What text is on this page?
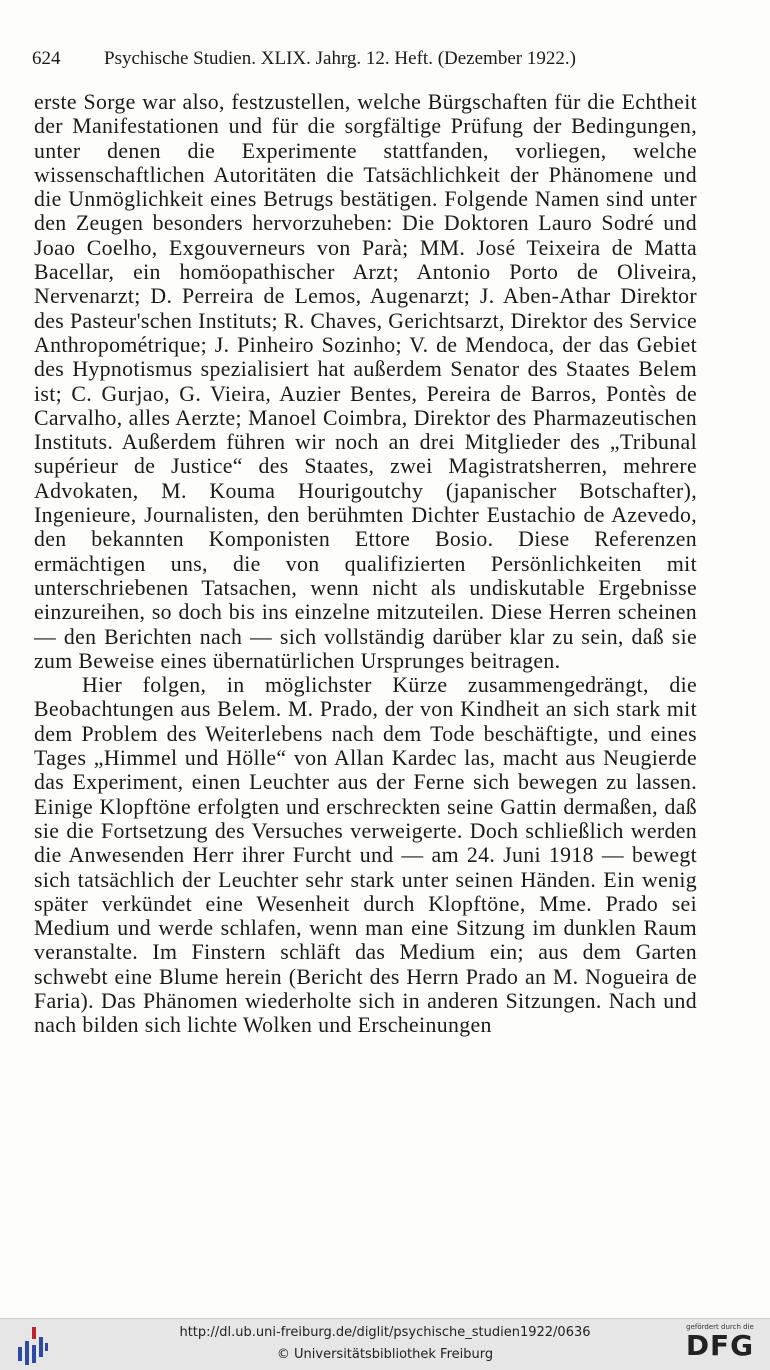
624	Psychische Studien. XLIX. Jahrg. 12. Heft. (Dezember 1922.)

erste Sorge war also, festzustellen, welche Bürgschaften für die Echtheit der Manifestationen und für die sorgfältige Prüfung der Bedingungen, unter denen die Experimente stattfanden, vorliegen, welche wissenschaftlichen Autoritäten die Tatsächlichkeit der Phänomene und die Unmöglichkeit eines Betrugs bestätigen. Folgende Namen sind unter den Zeugen besonders hervorzuheben: Die Doktoren Lauro Sodré und Joao Coelho, Exgouverneurs von Parà; MM. José Teixeira de Matta Bacellar, ein homöopathischer Arzt; Antonio Porto de Oliveira, Nervenarzt; D. Perreira de Lemos, Augenarzt; J. Aben-Athar Direktor des Pasteur'schen Instituts; R. Chaves, Gerichtsarzt, Direktor des Service Anthropométrique; J. Pinheiro Sozinho; V. de Mendoca, der das Gebiet des Hypnotismus spezialisiert hat außerdem Senator des Staates Belem ist; C. Gurjao, G. Vieira, Auzier Bentes, Pereira de Barros, Pontès de Carvalho, alles Aerzte; Manoel Coimbra, Direktor des Pharmazeutischen Instituts. Außerdem führen wir noch an drei Mitglieder des „Tribunal supérieur de Justice“ des Staates, zwei Magistratsherren, mehrere Advokaten, M. Kouma Hourigoutchy (japanischer Botschafter), Ingenieure, Journalisten, den berühmten Dichter Eustachio de Azevedo, den bekannten Komponisten Ettore Bosio. Diese Referenzen ermächtigen uns, die von qualifizierten Persönlichkeiten mit unterschriebenen Tatsachen, wenn nicht als undiskutable Ergebnisse einzureihen, so doch bis ins einzelne mitzuteilen. Diese Herren scheinen — den Berichten nach — sich vollständig darüber klar zu sein, daß sie zum Beweise eines übernatürlichen Ursprunges beitragen.

Hier folgen, in möglichster Kürze zusammengedrängt, die Beobachtungen aus Belem. M. Prado, der von Kindheit an sich stark mit dem Problem des Weiterlebens nach dem Tode beschäftigte, und eines Tages „Himmel und Hölle“ von Allan Kardec las, macht aus Neugierde das Experiment, einen Leuchter aus der Ferne sich bewegen zu lassen. Einige Klopftöne erfolgten und erschreckten seine Gattin dermaßen, daß sie die Fortsetzung des Versuches verweigerte. Doch schließlich werden die Anwesenden Herr ihrer Furcht und — am 24. Juni 1918 — bewegt sich tatsächlich der Leuchter sehr stark unter seinen Händen. Ein wenig später verkündet eine Wesenheit durch Klopftöne, Mme. Prado sei Medium und werde schlafen, wenn man eine Sitzung im dunklen Raum veranstalte. Im Finstern schläft das Medium ein; aus dem Garten schwebt eine Blume herein (Bericht des Herrn Prado an M. Nogueira de Faria). Das Phänomen wiederholte sich in anderen Sitzungen. Nach und nach bilden sich lichte Wolken und Erscheinungen

http://dl.ub.uni-freiburg.de/diglit/psychische_studien1922/0636
© Universitätsbibliothek Freiburg
gefördert durch die
DFG
